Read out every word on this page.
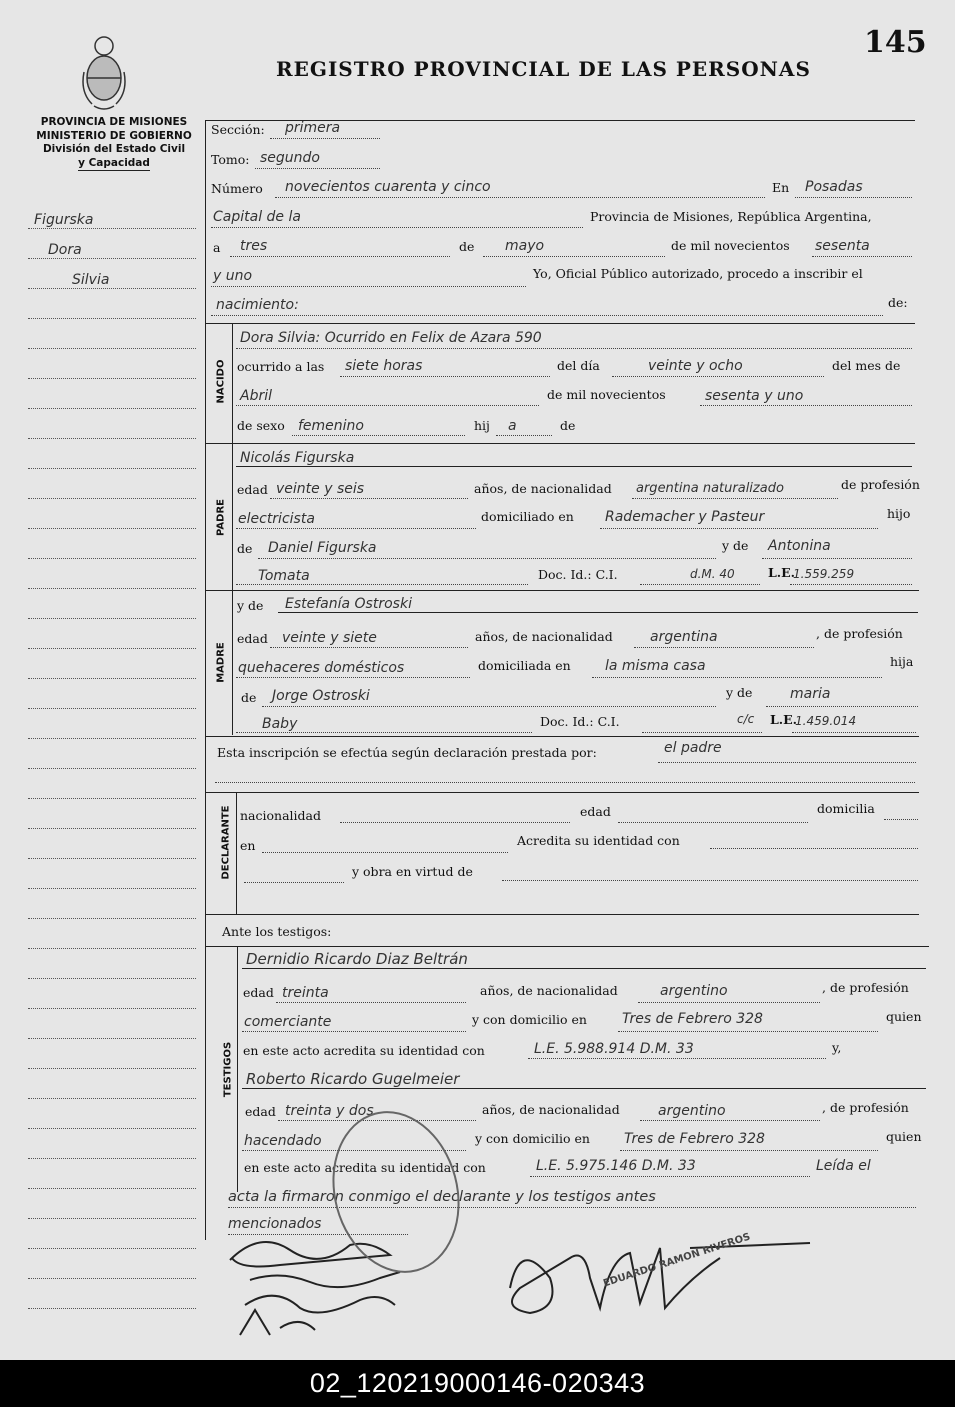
REGISTRO PROVINCIAL DE LAS PERSONAS
145
PROVINCIA DE MISIONES
MINISTERIO DE GOBIERNO
División del Estado Civil
y Capacidad
Figurska
Dora
Silvia
Sección: primera
Tomo: segundo
Número novecientos cuarenta y cinco	En Posadas
Capital de la	Provincia de Misiones, República Argentina,
a tres	de mayo	de mil novecientos sesenta
y uno	Yo, Oficial Público autorizado, procedo a inscribir el
nacimiento:	de:
NACIDO
Dora Silvia: Ocurrido en Felix de Azara 590
ocurrido a las siete horas	del día	veinte y ocho	del mes de
Abril	de mil novecientos	sesenta y uno
de sexo femenino	hij a	de
PADRE
Nicolás Figurska
edad veinte y seis	años, de nacionalidad argentina naturalizado	de profesión
electricista	domiciliado en Rademacher y Pasteur	hijo
de Daniel Figurska	y de Antonina
Tomata	Doc. Id.: C.I.	d.M. 40	L.E.
1.559.259
MADRE
y de Estefanía Ostroski
edad veinte y siete	años, de nacionalidad	argentina	, de profesión
quehaceres domésticos	domiciliada en la misma casa	hija
de Jorge Ostroski	y de	maria
Baby	Doc. Id.: C.I.	c/c L.E.
1.459.014
Esta inscripción se efectúa según declaración prestada por:	el padre
DECLARANTE nacionalidad	edad	domicilia
en	Acredita su identidad con
y obra en virtud de
Ante los testigos:
TESTIGOS
Dernidio Ricardo Diaz Beltrán
edad treinta	años, de nacionalidad	argentino	, de profesión
comerciante	y con domicilio en	Tres de Febrero 328	quien
en este acto acredita su identidad con	L.E. 5.988.914 D.M. 33	y,
Roberto Ricardo Gugelmeier
edad treinta y dos	años, de nacionalidad	argentino	, de profesión
hacendado	y con domicilio en Tres de Febrero 328	quien
en este acto acredita su identidad con	L.E. 5.975.146 D.M. 33	Leída el
acta la firmaron conmigo el declarante y los testigos antes
mencionados
EDUARDO RAMON RIVEROS
02_120219000146-020343
